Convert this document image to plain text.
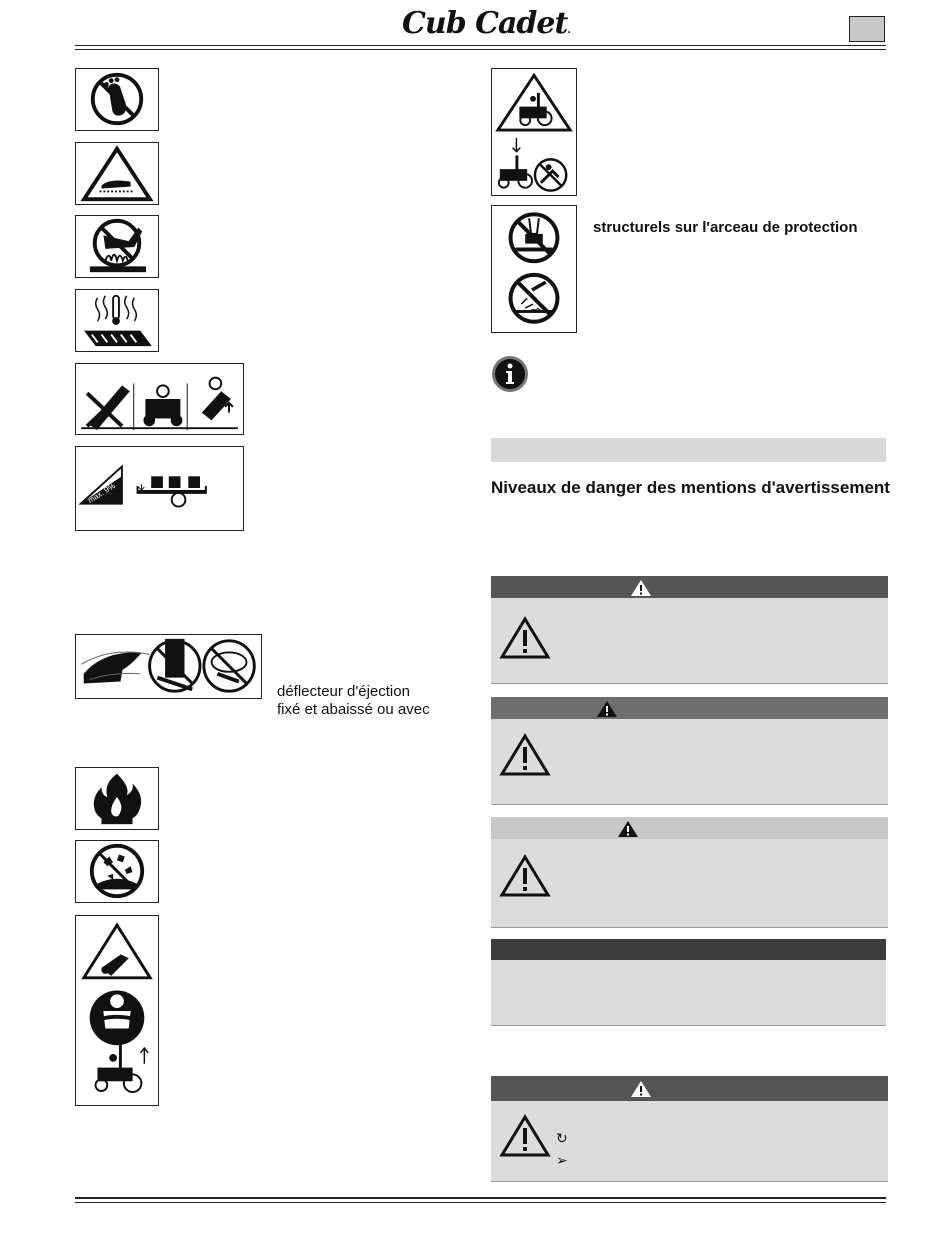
Cub Cadet.
max. 9%
déflecteur d'éjection
fixé et abaissé ou avec
structurels sur l'arceau de protection
Niveaux de danger des mentions d'avertissement
↻
➢
